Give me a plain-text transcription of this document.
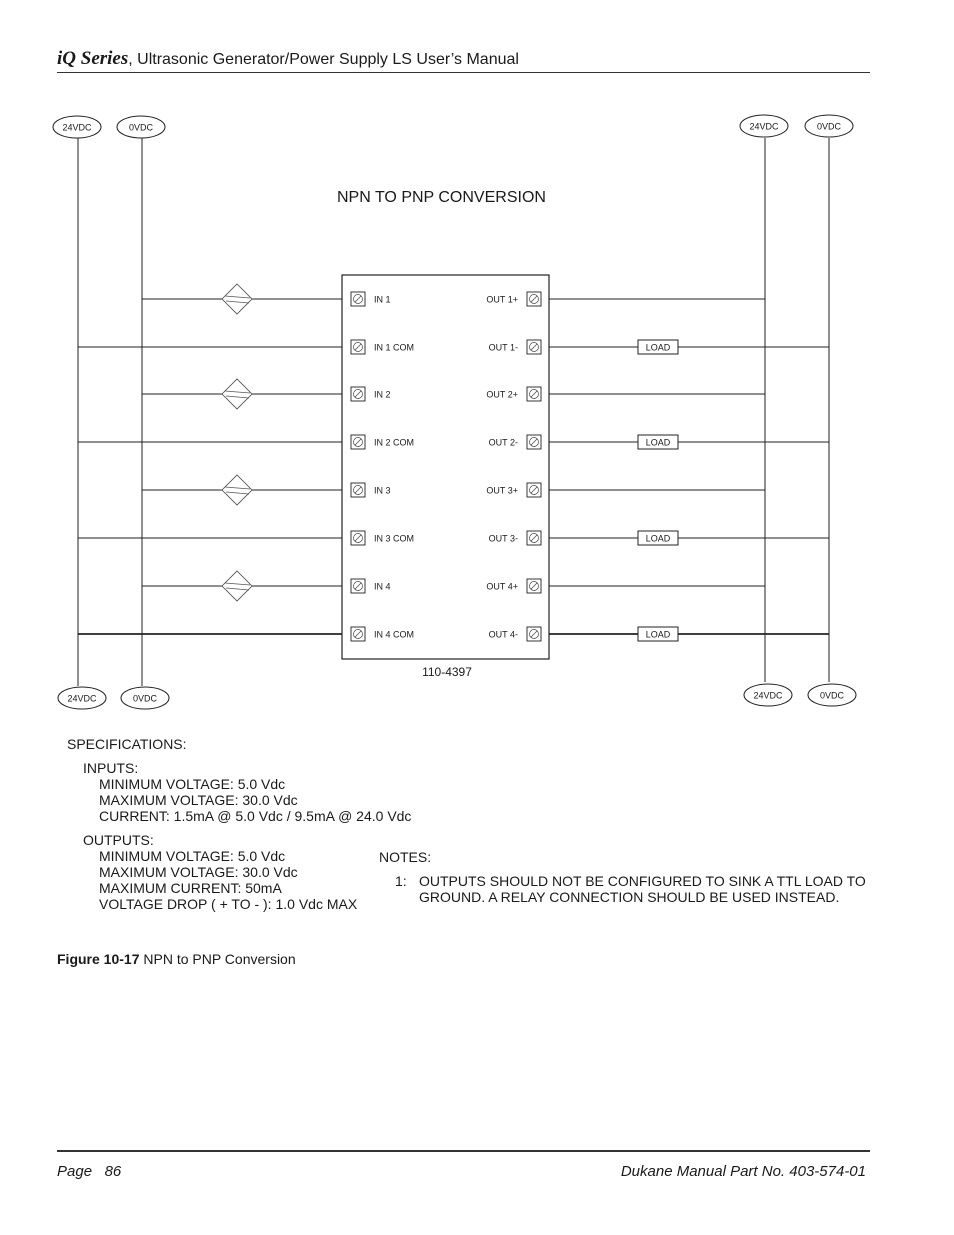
iQ Series, Ultrasonic Generator/Power Supply LS User’s Manual
LOAD
LOAD
LOAD
LOAD
24VDC	0VDC	24VDC	0VDC
24VDC	0VDC	24VDC	0VDC
IN 1	OUT 1+
IN 1 COM	OUT 1-
IN 2	OUT 2+
IN 2 COM	OUT 2-
IN 3	OUT 3+
IN 3 COM	OUT 3-
IN 4	OUT 4+
IN 4 COM	OUT 4-
NPN TO PNP CONVERSION
110-4397
SPECIFICATIONS:
INPUTS:
MINIMUM VOLTAGE: 5.0 Vdc
MAXIMUM VOLTAGE: 30.0 Vdc
CURRENT: 1.5mA @ 5.0 Vdc / 9.5mA @ 24.0 Vdc
OUTPUTS:
MINIMUM VOLTAGE: 5.0 Vdc
MAXIMUM VOLTAGE: 30.0 Vdc
MAXIMUM CURRENT: 50mA
VOLTAGE DROP ( + TO - ): 1.0 Vdc MAX
NOTES:
1: OUTPUTS SHOULD NOT BE CONFIGURED TO SINK A TTL LOAD TO
GROUND. A RELAY CONNECTION SHOULD BE USED INSTEAD.
Figure 10-17 NPN to PNP Conversion
Page 86	Dukane Manual Part No. 403-574-01
